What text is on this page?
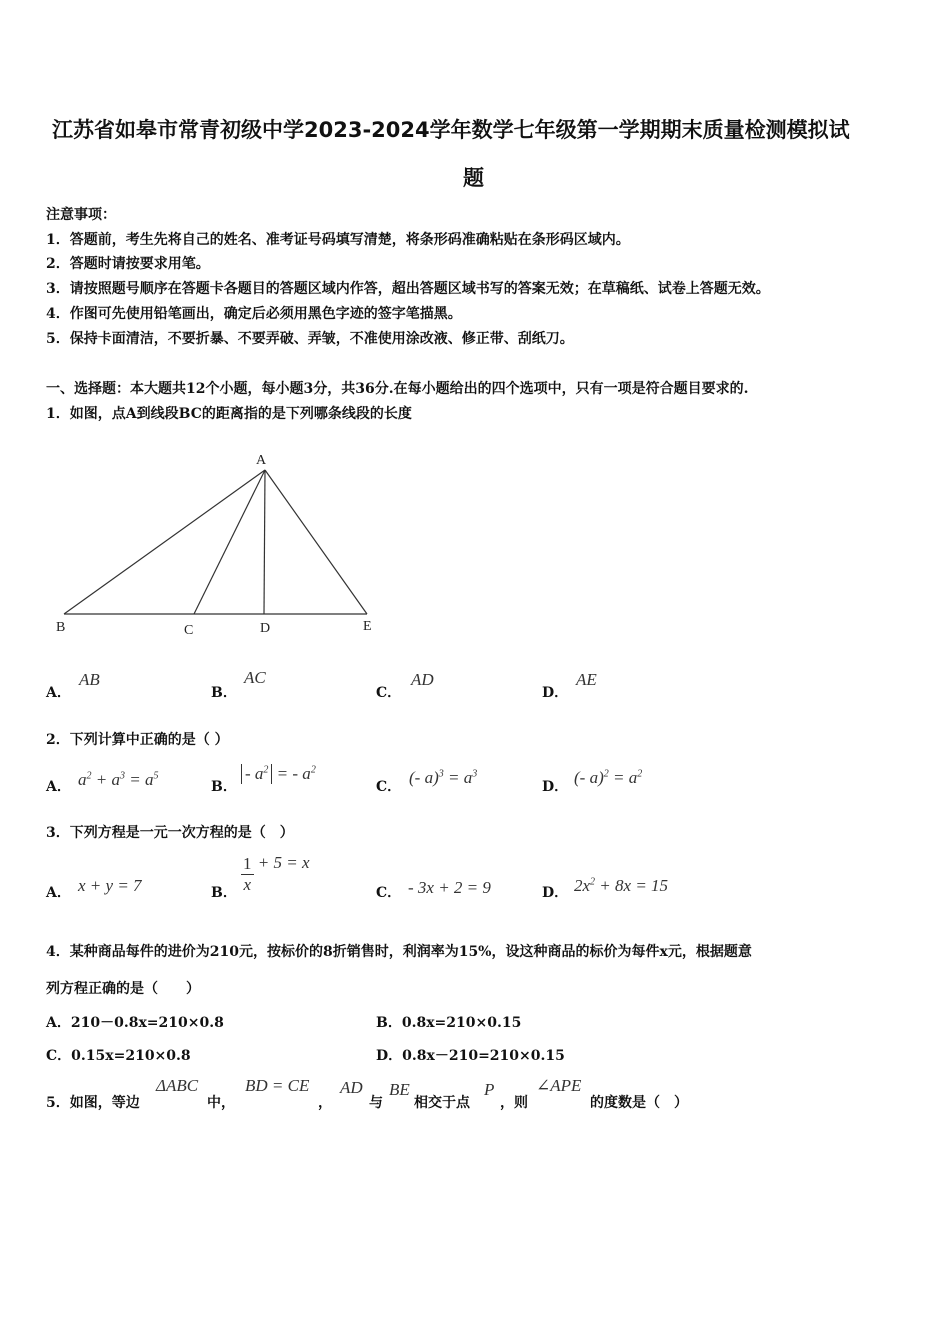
江苏省如皋市常青初级中学2023-2024学年数学七年级第一学期期末质量检测模拟试
题
注意事项：
1．答题前，考生先将自己的姓名、准考证号码填写清楚，将条形码准确粘贴在条形码区域内。
2．答题时请按要求用笔。
3．请按照题号顺序在答题卡各题目的答题区域内作答，超出答题区域书写的答案无效；在草稿纸、试卷上答题无效。
4．作图可先使用铅笔画出，确定后必须用黑色字迹的签字笔描黑。
5．保持卡面清洁，不要折暴、不要弄破、弄皱，不准使用涂改液、修正带、刮纸刀。
一、选择题：本大题共12个小题，每小题3分，共36分.在每小题给出的四个选项中，只有一项是符合题目要求的.
1．如图，点A到线段BC的距离指的是下列哪条线段的长度
A
B	C	D	E
A．
AB
B．
AC
C．
AD
D．
AE
2．下列计算中正确的是（ ）
A． $a^2 + a^3 = a^5$
B．
- $a^2$ = - $a^2$
C． (- $a)^3 = a^3$
D． (- $a)^2 = a^2$
3．下列方程是一元一次方程的是（　）
A． x + y = 7	B． $\frac{1}{x} + 5 = x$
C． - 3x + 2 = 9	D． $2x^2 + 8x = 15$
4．某种商品每件的进价为210元，按标价的8折销售时，利润率为15%，设这种商品的标价为每件x元，根据题意
列方程正确的是（　　）
A．210－0.8x=210×0.8	B．0.8x=210×0.15
C．0.15x=210×0.8	D．0.8x－210=210×0.15
5．如图，等边
ΔABC
中，
BD = CE
，
AD
与
BE
相交于点
P
，则
∠APE
的度数是（　）
